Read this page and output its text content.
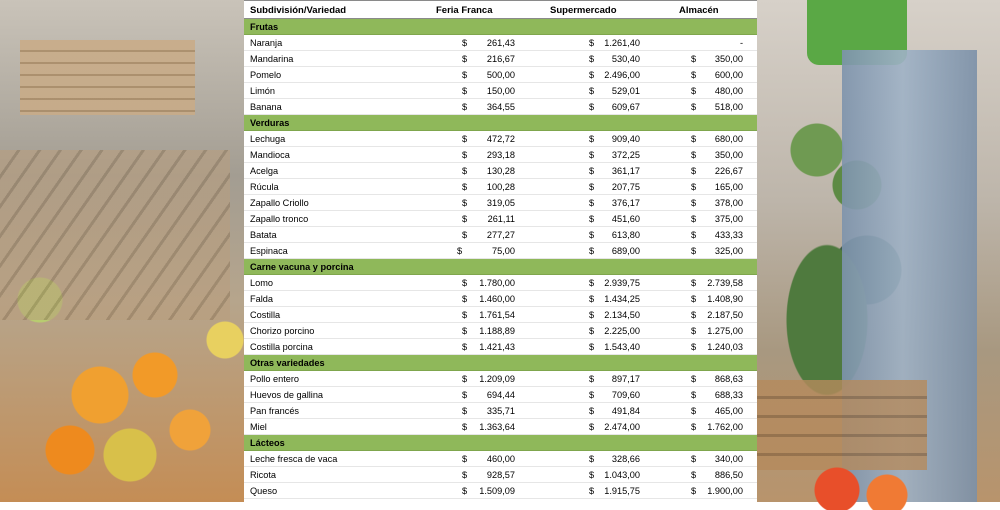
Subdivisión/Variedad	Feria Franca	Supermercado	Almacén
Frutas
Naranja	$	261,43	$	1.261,40	-
Mandarina	$	216,67	$	530,40	$	350,00
Pomelo	$	500,00	$	2.496,00	$	600,00
Limón	$	150,00	$	529,01	$	480,00
Banana	$	364,55	$	609,67	$	518,00
Verduras
Lechuga	$	472,72	$	909,40	$	680,00
Mandioca	$	293,18	$	372,25	$	350,00
Acelga	$	130,28	$	361,17	$	226,67
Rúcula	$	100,28	$	207,75	$	165,00
Zapallo Criollo	$	319,05	$	376,17	$	378,00
Zapallo tronco	$	261,11	$	451,60	$	375,00
Batata	$	277,27	$	613,80	$	433,33
Espinaca	$	75,00	$	689,00	$	325,00
Carne vacuna y porcina
Lomo	$	1.780,00	$	2.939,75	$	2.739,58
Falda	$	1.460,00	$	1.434,25	$	1.408,90
Costilla	$	1.761,54	$	2.134,50	$	2.187,50
Chorizo porcino	$	1.188,89	$	2.225,00	$	1.275,00
Costilla porcina	$	1.421,43	$	1.543,40	$	1.240,03
Otras variedades
Pollo entero	$	1.209,09	$	897,17	$	868,63
Huevos de gallina	$	694,44	$	709,60	$	688,33
Pan francés	$	335,71	$	491,84	$	465,00
Miel	$	1.363,64	$	2.474,00	$	1.762,00
Lácteos
Leche fresca de vaca	$	460,00	$	328,66	$	340,00
Ricota	$	928,57	$	1.043,00	$	886,50
Queso	$	1.509,09	$	1.915,75	$	1.900,00
